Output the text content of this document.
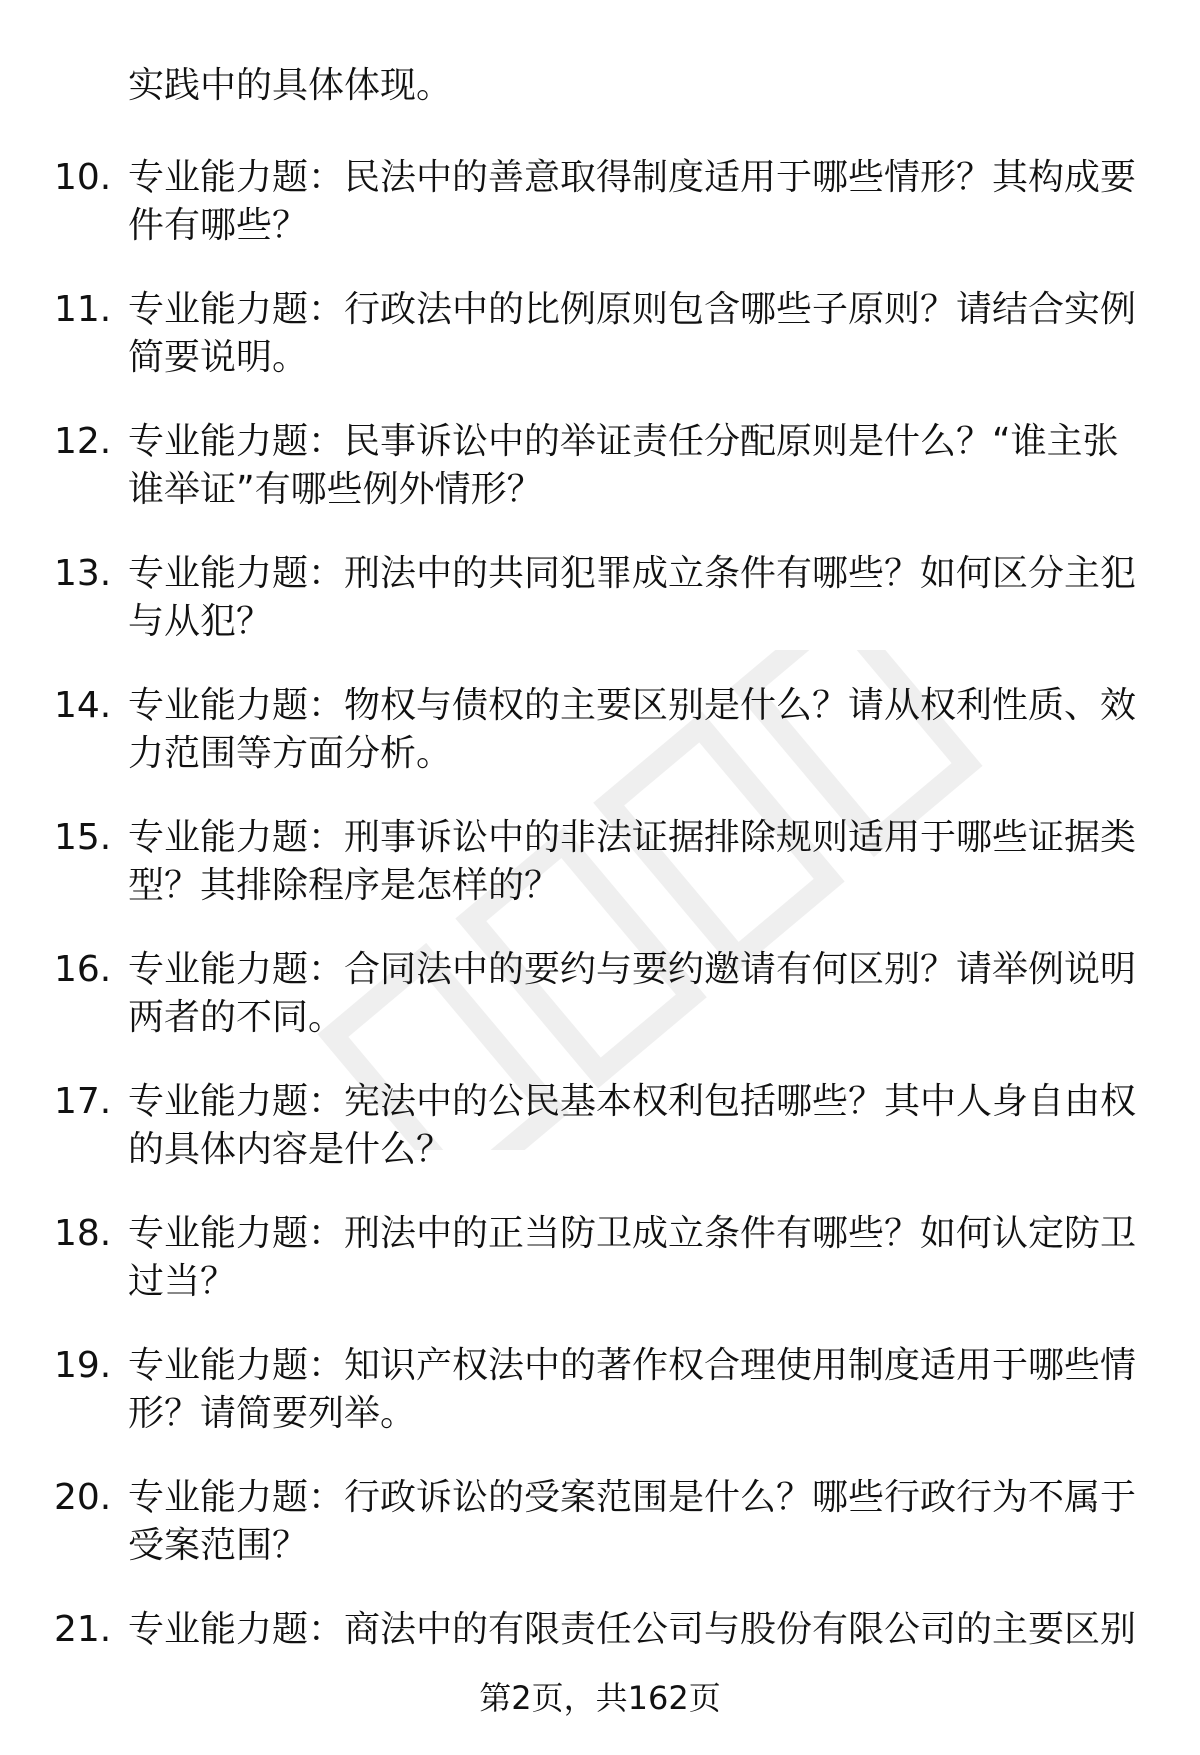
实践中的具体体现。
10. 专业能力题：民法中的善意取得制度适用于哪些情形？其构成要
件有哪些？
11. 专业能力题：行政法中的比例原则包含哪些子原则？请结合实例
简要说明。
12. 专业能力题：民事诉讼中的举证责任分配原则是什么？“谁主张
谁举证”有哪些例外情形？
13. 专业能力题：刑法中的共同犯罪成立条件有哪些？如何区分主犯
与从犯？
14. 专业能力题：物权与债权的主要区别是什么？请从权利性质、效
力范围等方面分析。
15. 专业能力题：刑事诉讼中的非法证据排除规则适用于哪些证据类
型？其排除程序是怎样的？
16. 专业能力题：合同法中的要约与要约邀请有何区别？请举例说明
两者的不同。
17. 专业能力题：宪法中的公民基本权利包括哪些？其中人身自由权
的具体内容是什么？
18. 专业能力题：刑法中的正当防卫成立条件有哪些？如何认定防卫
过当？
19. 专业能力题：知识产权法中的著作权合理使用制度适用于哪些情
形？请简要列举。
20. 专业能力题：行政诉讼的受案范围是什么？哪些行政行为不属于
受案范围？
21. 专业能力题：商法中的有限责任公司与股份有限公司的主要区别
第2页，共162页
